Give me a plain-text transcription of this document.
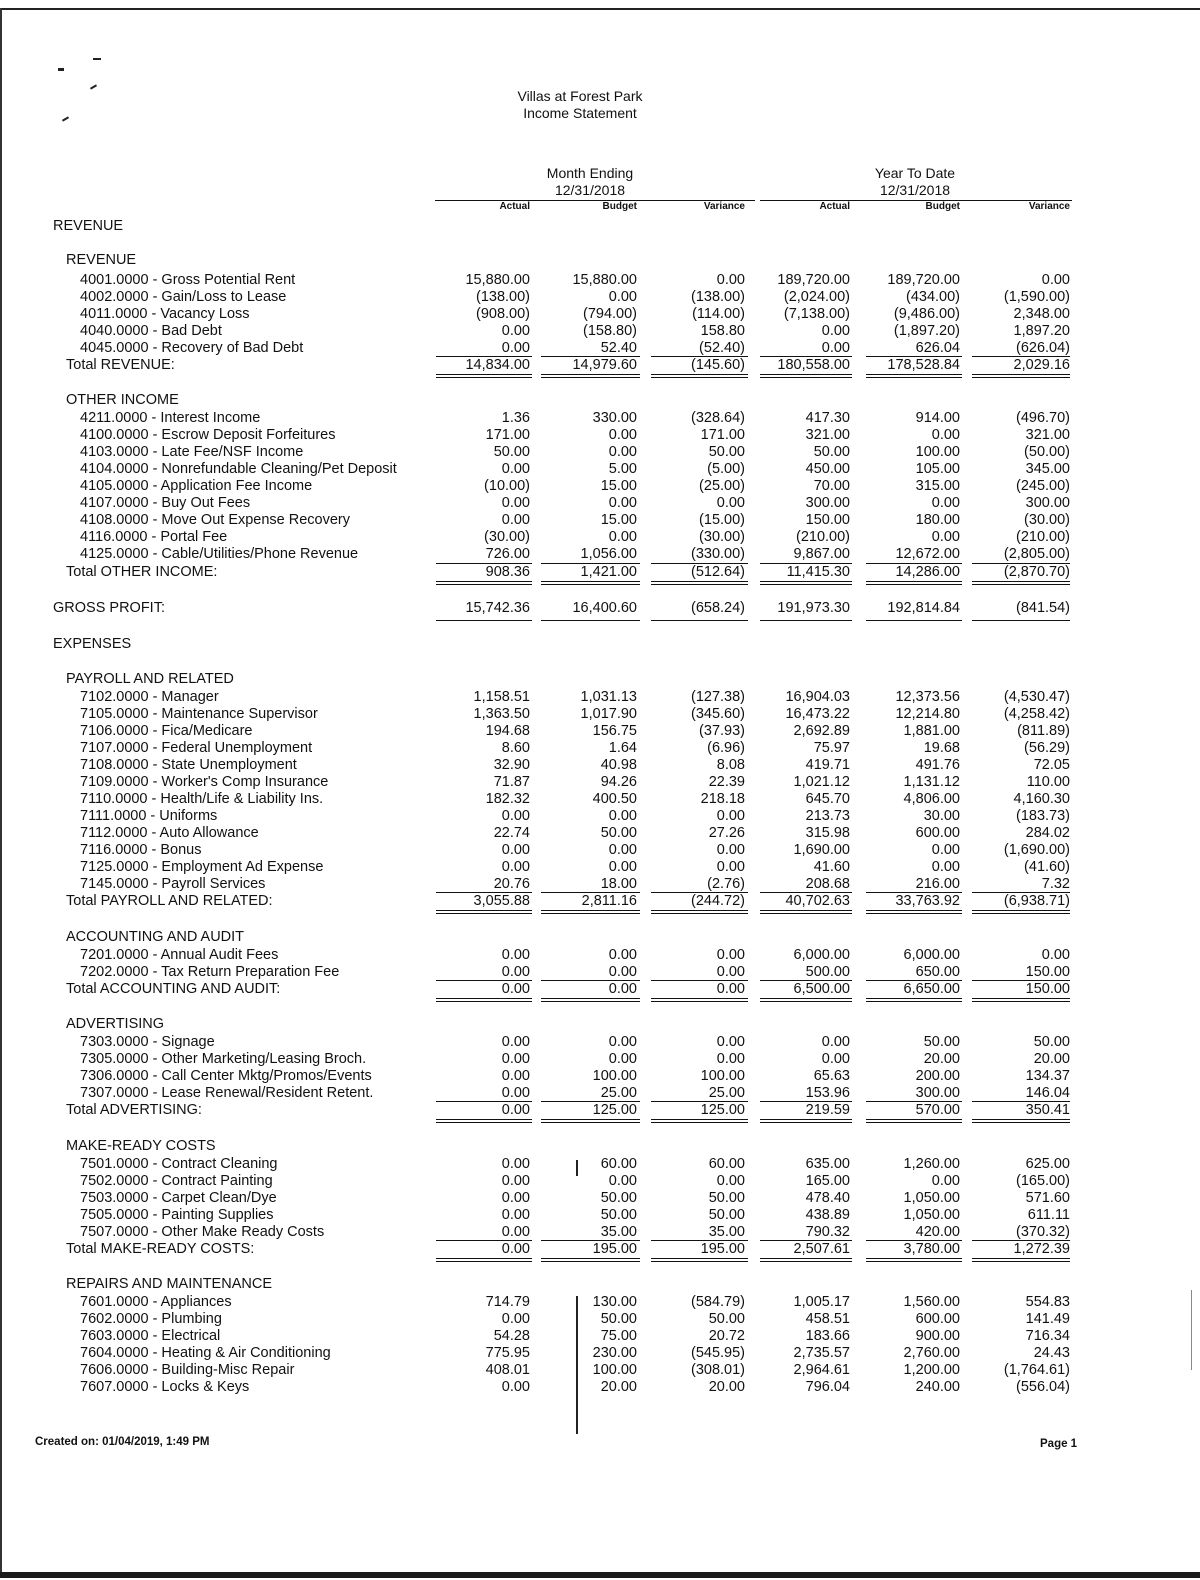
Villas at Forest Park
Income Statement
Month Ending
12/31/2018
Year To Date
12/31/2018
Actual	Budget	Variance	Actual	Budget	Variance
REVENUE
REVENUE
4001.0000 - Gross Potential Rent	15,880.00	15,880.00	0.00	189,720.00	189,720.00	0.00
4002.0000 - Gain/Loss to Lease	(138.00)	0.00	(138.00)	(2,024.00)	(434.00)	(1,590.00)
4011.0000 - Vacancy Loss	(908.00)	(794.00)	(114.00)	(7,138.00)	(9,486.00)	2,348.00
4040.0000 - Bad Debt	0.00	(158.80)	158.80	0.00	(1,897.20)	1,897.20
4045.0000 - Recovery of Bad Debt	0.00	52.40	(52.40)	0.00	626.04	(626.04)
Total REVENUE:	14,834.00	14,979.60	(145.60)	180,558.00	178,528.84	2,029.16
OTHER INCOME
4211.0000 - Interest Income	1.36	330.00	(328.64)	417.30	914.00	(496.70)
4100.0000 - Escrow Deposit Forfeitures	171.00	0.00	171.00	321.00	0.00	321.00
4103.0000 - Late Fee/NSF Income	50.00	0.00	50.00	50.00	100.00	(50.00)
4104.0000 - Nonrefundable Cleaning/Pet Deposit	0.00	5.00	(5.00)	450.00	105.00	345.00
4105.0000 - Application Fee Income	(10.00)	15.00	(25.00)	70.00	315.00	(245.00)
4107.0000 - Buy Out Fees	0.00	0.00	0.00	300.00	0.00	300.00
4108.0000 - Move Out Expense Recovery	0.00	15.00	(15.00)	150.00	180.00	(30.00)
4116.0000 - Portal Fee	(30.00)	0.00	(30.00)	(210.00)	0.00	(210.00)
4125.0000 - Cable/Utilities/Phone Revenue	726.00	1,056.00	(330.00)	9,867.00	12,672.00	(2,805.00)
Total OTHER INCOME:	908.36	1,421.00	(512.64)	11,415.30	14,286.00	(2,870.70)
GROSS PROFIT:	15,742.36	16,400.60	(658.24)	191,973.30	192,814.84	(841.54)
EXPENSES
PAYROLL AND RELATED
7102.0000 - Manager	1,158.51	1,031.13	(127.38)	16,904.03	12,373.56	(4,530.47)
7105.0000 - Maintenance Supervisor	1,363.50	1,017.90	(345.60)	16,473.22	12,214.80	(4,258.42)
7106.0000 - Fica/Medicare	194.68	156.75	(37.93)	2,692.89	1,881.00	(811.89)
7107.0000 - Federal Unemployment	8.60	1.64	(6.96)	75.97	19.68	(56.29)
7108.0000 - State Unemployment	32.90	40.98	8.08	419.71	491.76	72.05
7109.0000 - Worker's Comp Insurance	71.87	94.26	22.39	1,021.12	1,131.12	110.00
7110.0000 - Health/Life & Liability Ins.	182.32	400.50	218.18	645.70	4,806.00	4,160.30
7111.0000 - Uniforms	0.00	0.00	0.00	213.73	30.00	(183.73)
7112.0000 - Auto Allowance	22.74	50.00	27.26	315.98	600.00	284.02
7116.0000 - Bonus	0.00	0.00	0.00	1,690.00	0.00	(1,690.00)
7125.0000 - Employment Ad Expense	0.00	0.00	0.00	41.60	0.00	(41.60)
7145.0000 - Payroll Services	20.76	18.00	(2.76)	208.68	216.00	7.32
Total PAYROLL AND RELATED:	3,055.88	2,811.16	(244.72)	40,702.63	33,763.92	(6,938.71)
ACCOUNTING AND AUDIT
7201.0000 - Annual Audit Fees	0.00	0.00	0.00	6,000.00	6,000.00	0.00
7202.0000 - Tax Return Preparation Fee	0.00	0.00	0.00	500.00	650.00	150.00
Total ACCOUNTING AND AUDIT:	0.00	0.00	0.00	6,500.00	6,650.00	150.00
ADVERTISING
7303.0000 - Signage	0.00	0.00	0.00	0.00	50.00	50.00
7305.0000 - Other Marketing/Leasing Broch.	0.00	0.00	0.00	0.00	20.00	20.00
7306.0000 - Call Center Mktg/Promos/Events	0.00	100.00	100.00	65.63	200.00	134.37
7307.0000 - Lease Renewal/Resident Retent.	0.00	25.00	25.00	153.96	300.00	146.04
Total ADVERTISING:	0.00	125.00	125.00	219.59	570.00	350.41
MAKE-READY COSTS
7501.0000 - Contract Cleaning	0.00	60.00	60.00	635.00	1,260.00	625.00
7502.0000 - Contract Painting	0.00	0.00	0.00	165.00	0.00	(165.00)
7503.0000 - Carpet Clean/Dye	0.00	50.00	50.00	478.40	1,050.00	571.60
7505.0000 - Painting Supplies	0.00	50.00	50.00	438.89	1,050.00	611.11
7507.0000 - Other Make Ready Costs	0.00	35.00	35.00	790.32	420.00	(370.32)
Total MAKE-READY COSTS:	0.00	195.00	195.00	2,507.61	3,780.00	1,272.39
REPAIRS AND MAINTENANCE
7601.0000 - Appliances	714.79	130.00	(584.79)	1,005.17	1,560.00	554.83
7602.0000 - Plumbing	0.00	50.00	50.00	458.51	600.00	141.49
7603.0000 - Electrical	54.28	75.00	20.72	183.66	900.00	716.34
7604.0000 - Heating & Air Conditioning	775.95	230.00	(545.95)	2,735.57	2,760.00	24.43
7606.0000 - Building-Misc Repair	408.01	100.00	(308.01)	2,964.61	1,200.00	(1,764.61)
7607.0000 - Locks & Keys	0.00	20.00	20.00	796.04	240.00	(556.04)
Created on: 01/04/2019, 1:49 PM	Page 1
